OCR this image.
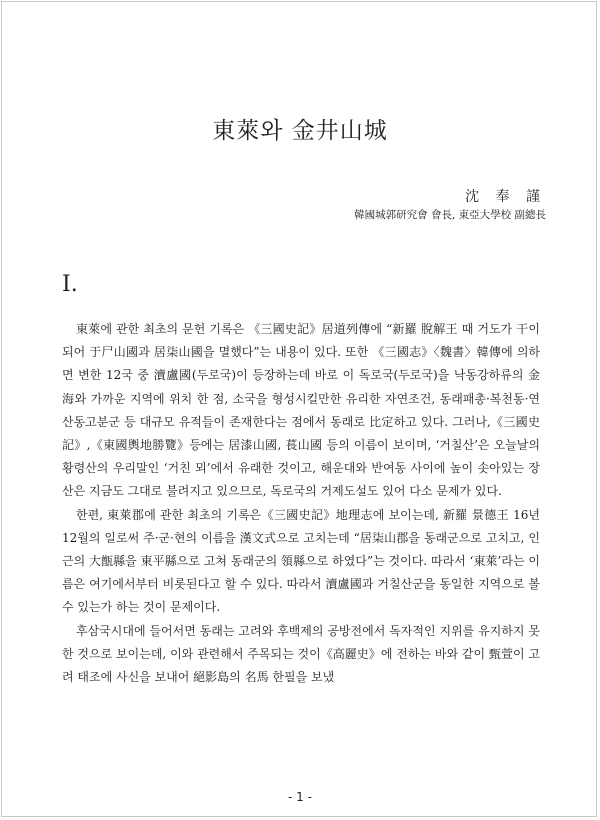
東萊와 金井山城
沈 奉 謹
韓國城郭研究會 會長, 東亞大學校 副總長
Ⅰ.

東萊에 관한 최초의 문헌 기록은 《三國史記》居道列傳에 “新羅 脫解王 때 거도가 干이 되어 于尸山國과 居柒山國을 멸했다”는 내용이 있다. 또한 《三國志》〈魏書〉韓傳에 의하면 변한 12국 중 瀆盧國(두로국)이 등장하는데 바로 이 독로국(두로국)을 낙동강하류의 金海와 가까운 지역에 위치 한 점, 소국을 형성시킬만한 유리한 자연조건, 동래패총·복천동·연산동고분군 등 대규모 유적들이 존재한다는 점에서 동래로 比定하고 있다. 그러나,《三國史記》,《東國輿地勝覽》등에는 居漆山國, 萇山國 등의 이름이 보이며, ‘거칠산’은 오늘날의 황령산의 우리말인 ‘거친 뫼’에서 유래한 것이고, 해운대와 반여동 사이에 높이 솟아있는 장산은 지금도 그대로 불려지고 있으므로, 독로국의 거제도설도 있어 다소 문제가 있다.

한편, 東萊郡에 관한 최초의 기록은《三國史記》地理志에 보이는데, 新羅 景德王 16년 12월의 일로써 주·군·현의 이름을 漢文式으로 고치는데 “居柒山郡을 동래군으로 고치고, 인근의 大甑縣을 東平縣으로 고쳐 동래군의 領縣으로 하였다”는 것이다. 따라서 ‘東萊’라는 이름은 여기에서부터 비롯된다고 할 수 있다. 따라서 瀆盧國과 거칠산군을 동일한 지역으로 볼 수 있는가 하는 것이 문제이다.

후삼국시대에 들어서면 동래는 고려와 후백제의 공방전에서 독자적인 지위를 유지하지 못한 것으로 보이는데, 이와 관련해서 주목되는 것이《高麗史》에 전하는 바와 같이 甄萱이 고려 태조에 사신을 보내어 絕影島의 名馬 한필을 보냈

- 1 -
